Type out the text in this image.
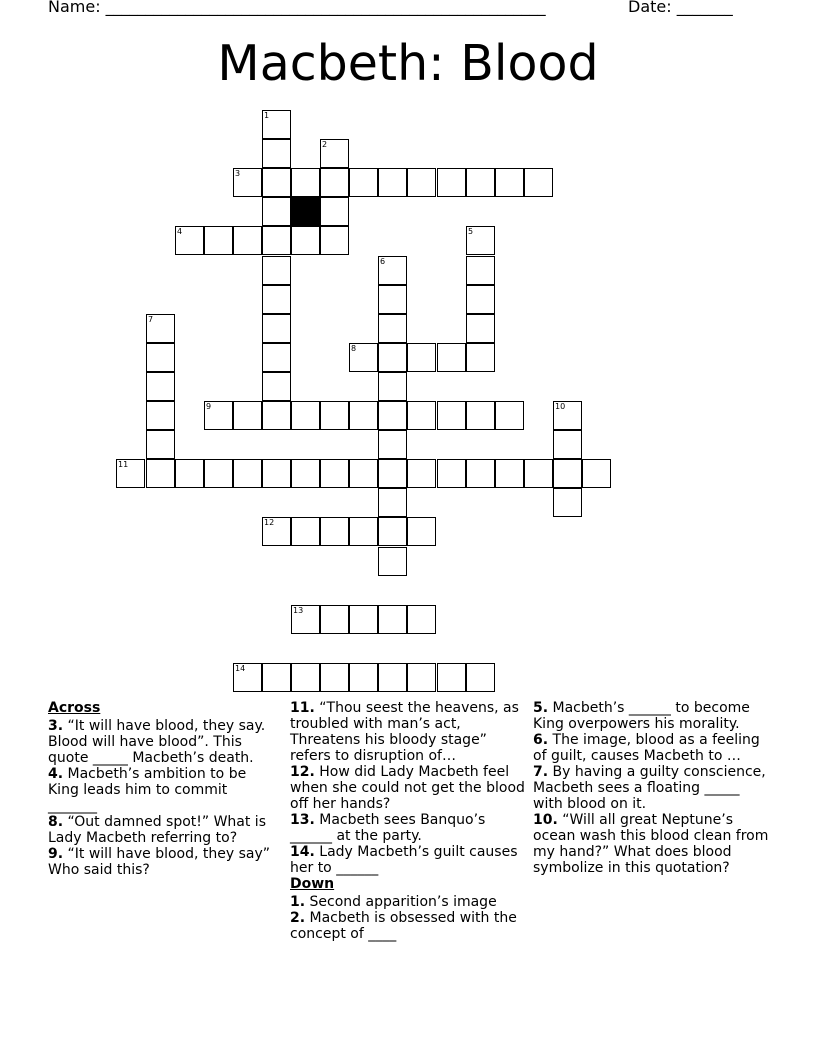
Name: _______________________________________________________	Date: _______
Macbeth: Blood
1
2
3
4	5
6
7
8
9	10
11
12
13
14
Across
3. “It will have blood, they say. Blood will have blood”. This quote _____ Macbeth’s death.
4. Macbeth’s ambition to be King leads him to commit _______
8. “Out damned spot!” What is Lady Macbeth referring to?
9. “It will have blood, they say” Who said this?
11. “Thou seest the heavens, as troubled with man’s act, Threatens his bloody stage” refers to disruption of…
12. How did Lady Macbeth feel when she could not get the blood off her hands?
13. Macbeth sees Banquo’s ______ at the party.
14. Lady Macbeth’s guilt causes her to ______
Down
1. Second apparition’s image
2. Macbeth is obsessed with the concept of ____
5. Macbeth’s ______ to become King overpowers his morality.
6. The image, blood as a feeling of guilt, causes Macbeth to …
7. By having a guilty conscience, Macbeth sees a floating _____ with blood on it.
10. “Will all great Neptune’s ocean wash this blood clean from my hand?” What does blood symbolize in this quotation?
